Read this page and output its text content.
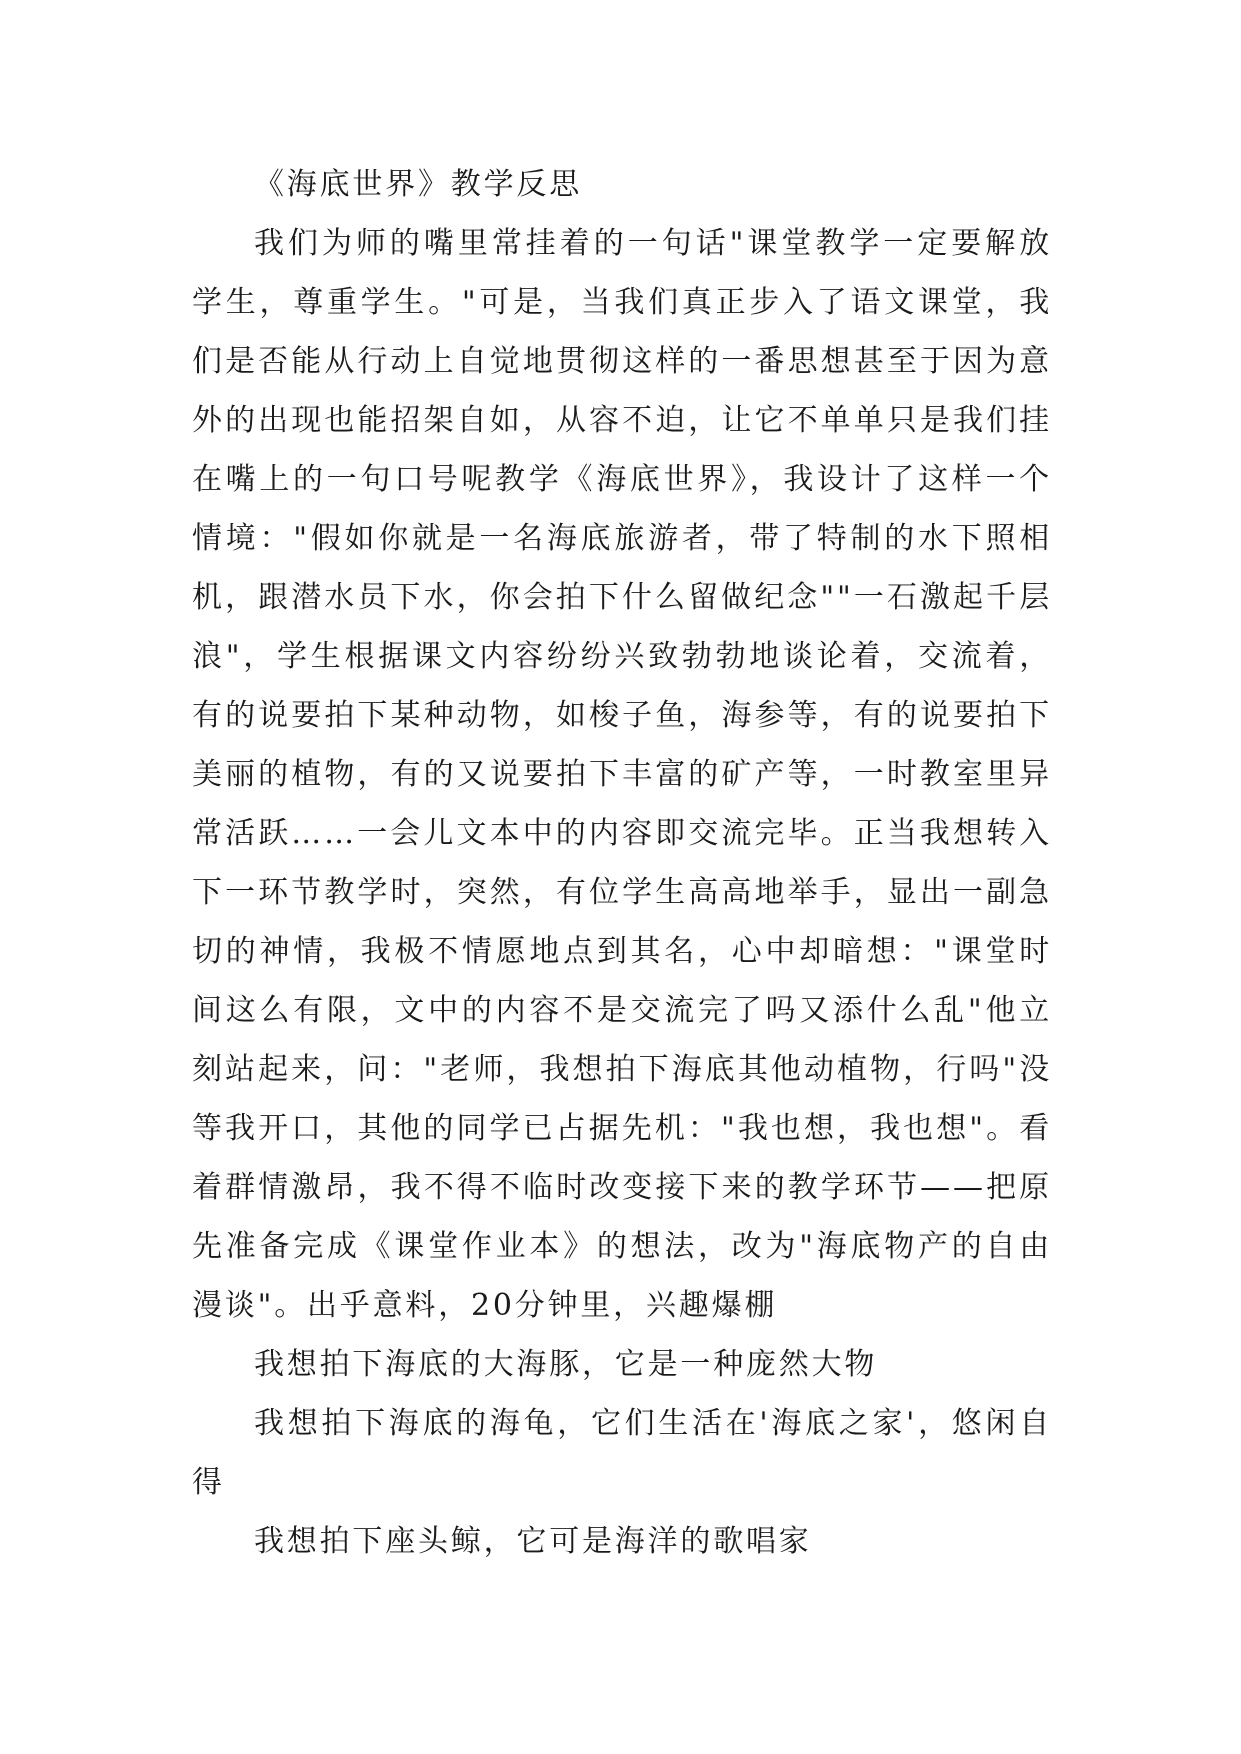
《海底世界》教学反思

我们为师的嘴里常挂着的一句话"课堂教学一定要解放学生，尊重学生。"可是，当我们真正步入了语文课堂，我们是否能从行动上自觉地贯彻这样的一番思想甚至于因为意外的出现也能招架自如，从容不迫，让它不单单只是我们挂在嘴上的一句口号呢教学《海底世界》，我设计了这样一个情境："假如你就是一名海底旅游者，带了特制的水下照相机，跟潜水员下水，你会拍下什么留做纪念""一石激起千层浪"，学生根据课文内容纷纷兴致勃勃地谈论着，交流着，有的说要拍下某种动物，如梭子鱼，海参等，有的说要拍下美丽的植物，有的又说要拍下丰富的矿产等，一时教室里异常活跃……一会儿文本中的内容即交流完毕。正当我想转入下一环节教学时，突然，有位学生高高地举手，显出一副急切的神情，我极不情愿地点到其名，心中却暗想："课堂时间这么有限，文中的内容不是交流完了吗又添什么乱"他立刻站起来，问："老师，我想拍下海底其他动植物，行吗"没等我开口，其他的同学已占据先机："我也想，我也想"。看着群情激昂，我不得不临时改变接下来的教学环节——把原先准备完成《课堂作业本》的想法，改为"海底物产的自由漫谈"。出乎意料，20分钟里，兴趣爆棚

我想拍下海底的大海豚，它是一种庞然大物

我想拍下海底的海龟，它们生活在'海底之家'，悠闲自得

我想拍下座头鲸，它可是海洋的歌唱家
